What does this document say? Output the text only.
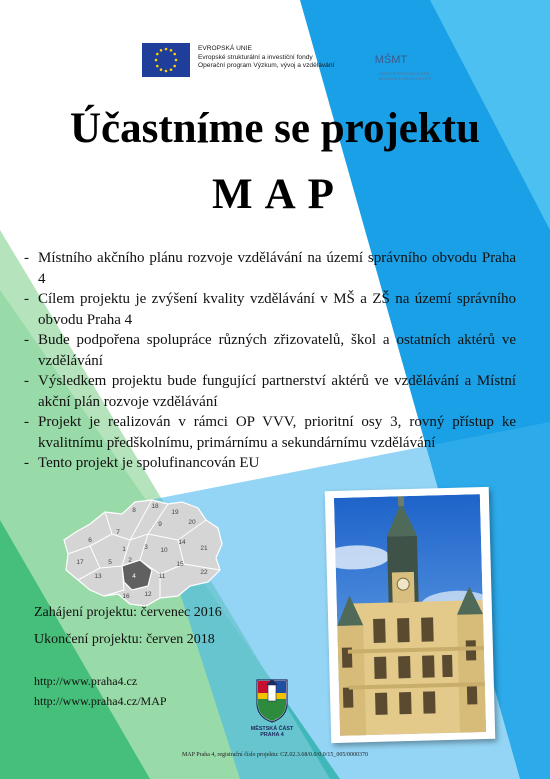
EVROPSKÁ UNIE
Evropské strukturální a investiční fondy
Operační program Výzkum, vývoj a vzdělávání	MŠMT
MINISTERSTVO ŠKOLSTVÍ,
MLÁDEŽE A TĚLOVÝCHOVY
Účastníme se projektu
MAP
- Místního akčního plánu rozvoje vzdělávání na území správního obvodu Praha 4
- Cílem projektu je zvýšení kvality vzdělávání v MŠ a ZŠ na území správního obvodu Praha 4
- Bude podpořena spolupráce různých zřizovatelů, škol a ostatních aktérů ve vzdělávání
- Výsledkem projektu bude fungující partnerství aktérů ve vzdělávání a Místní akční plán rozvoje vzdělávání
- Projekt je realizován v rámci OP VVV, prioritní osy 3, rovný přístup ke kvalitnímu předškolnímu, primárnímu a sekundárnímu vzdělávání
- Tento projekt je spolufinancován EU
8
18
19
9	20
7
6
1	3 10
14
21
2
15
22
5
4	11
17
13
16 12
Zahájení projektu: červenec 2016
Ukončení projektu: červen 2018
http://www.praha4.cz
http://www.praha4.cz/MAP
MĚSTSKÁ ČÁST
PRAHA 4
MAP Praha 4, registrační číslo projektu: CZ.02.3.68/0.0/0.0/15_005/0000370
